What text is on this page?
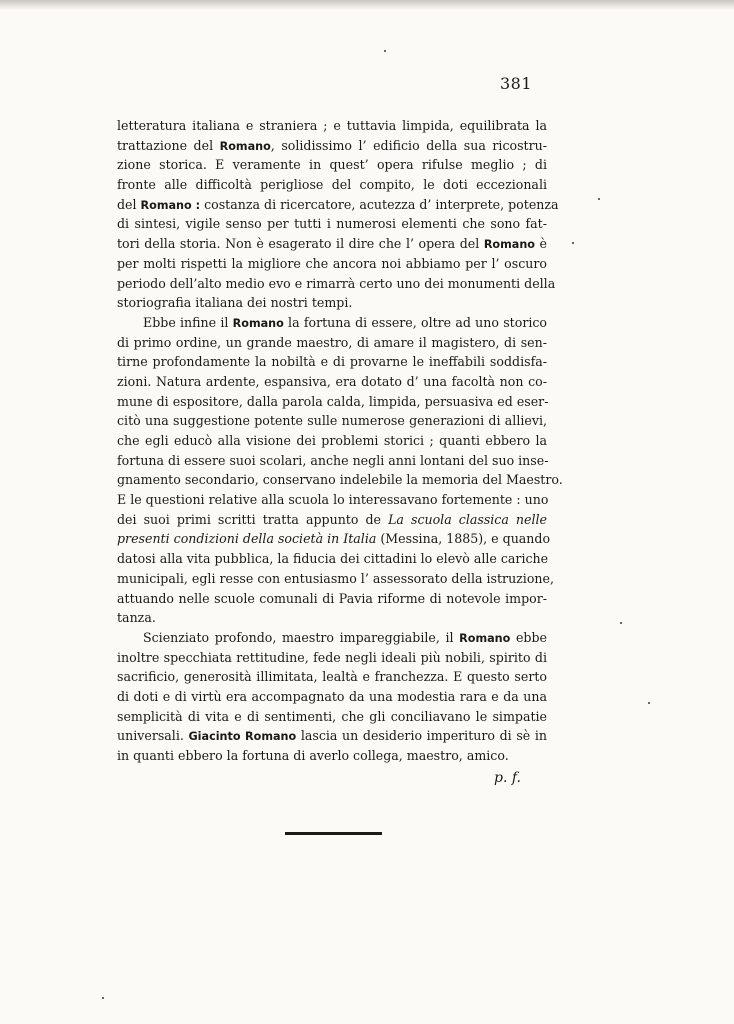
381
letteratura italiana e straniera ; e tuttavia limpida, equilibrata la
trattazione del Romano, solidissimo l’ edificio della sua ricostru-
zione storica. E veramente in quest’ opera rifulse meglio ; di
fronte alle difficoltà perigliose del compito, le doti eccezionali
del Romano : costanza di ricercatore, acutezza d’ interprete, potenza
di sintesi, vigile senso per tutti i numerosi elementi che sono fat-
tori della storia. Non è esagerato il dire che l’ opera del Romano è
per molti rispetti la migliore che ancora noi abbiamo per l’ oscuro
periodo dell’alto medio evo e rimarrà certo uno dei monumenti della
storiografia italiana dei nostri tempi.
Ebbe infine il Romano la fortuna di essere, oltre ad uno storico
di primo ordine, un grande maestro, di amare il magistero, di sen-
tirne profondamente la nobiltà e di provarne le ineffabili soddisfa-
zioni. Natura ardente, espansiva, era dotato d’ una facoltà non co-
mune di espositore, dalla parola calda, limpida, persuasiva ed eser-
citò una suggestione potente sulle numerose generazioni di allievi,
che egli educò alla visione dei problemi storici ; quanti ebbero la
fortuna di essere suoi scolari, anche negli anni lontani del suo inse-
gnamento secondario, conservano indelebile la memoria del Maestro.
E le questioni relative alla scuola lo interessavano fortemente : uno
dei suoi primi scritti tratta appunto de La scuola classica nelle
presenti condizioni della società in Italia (Messina, 1885), e quando
datosi alla vita pubblica, la fiducia dei cittadini lo elevò alle cariche
municipali, egli resse con entusiasmo l’ assessorato della istruzione,
attuando nelle scuole comunali di Pavia riforme di notevole impor-
tanza.
Scienziato profondo, maestro impareggiabile, il Romano ebbe
inoltre specchiata rettitudine, fede negli ideali più nobili, spirito di
sacrificio, generosità illimitata, lealtà e franchezza. E questo serto
di doti e di virtù era accompagnato da una modestia rara e da una
semplicità di vita e di sentimenti, che gli conciliavano le simpatie
universali. Giacinto Romano lascia un desiderio imperituro di sè in
in quanti ebbero la fortuna di averlo collega, maestro, amico.
p. f.
